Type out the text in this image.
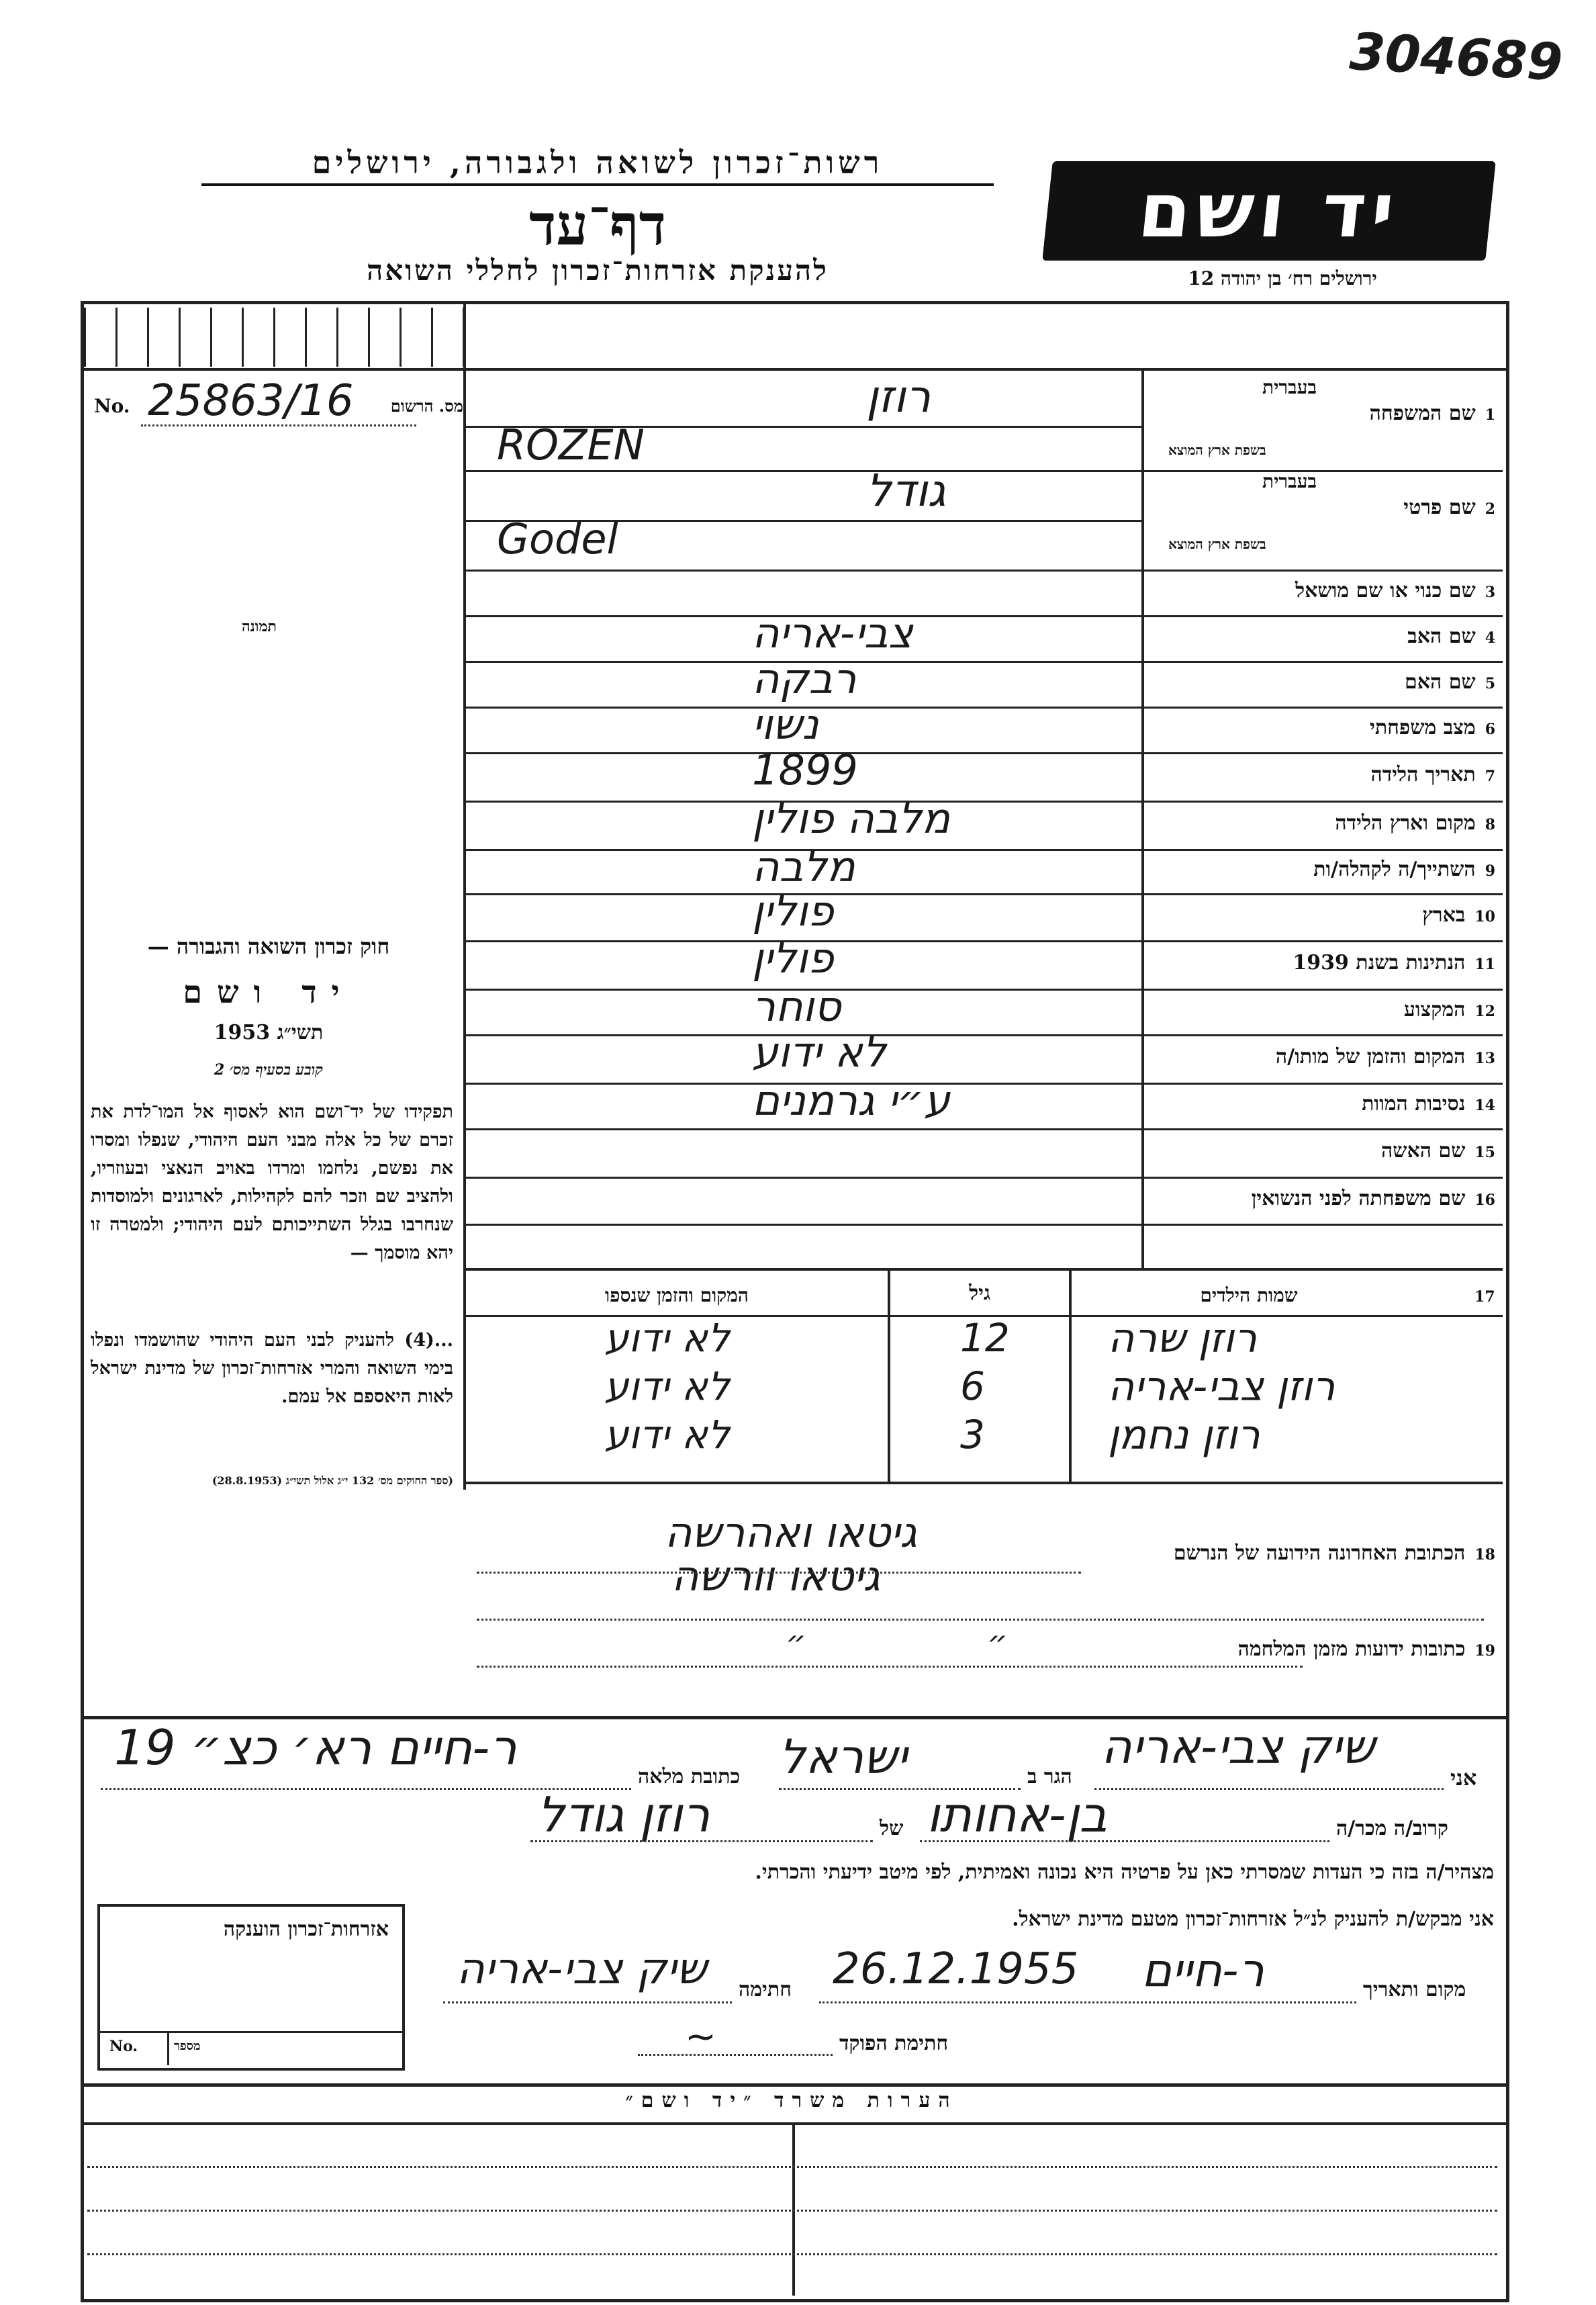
304689
רשות־זכרון לשואה ולגבורה, ירושלים
דף־עד
להענקת אזרחות־זכרון לחללי השואה
יד ושם
ירושלים רח׳ בן יהודה 12
No. 25863/16 מס. הרשום
תמונה
חוק זכרון השואה והגבורה —
יד ושם
תשי״ג 1953
קובע בסעיף מס׳ 2
תפקידו של יד־ושם הוא לאסוף אל המו־לדת את זכרם של כל אלה מבני העם היהודי, שנפלו ומסרו את נפשם, נלחמו ומרדו באויב הנאצי ובעוזריו, ולהציב שם וזכר להם לקהילות, לארגונים ולמוסדות שנחרבו בגלל השתייכותם לעם היהודי; ולמטרה זו יהא מוסמך —
...(4) להעניק לבני העם היהודי שהושמדו ונפלו בימי השואה והמרי אזרחות־זכרון של מדינת ישראל לאות היאספם אל עמם.
(ספר החוקים מס׳ 132 י״ג אלול תשי״ג (28.8.1953)
1שם המשפחה
בעברית
בשפת ארץ המוצא
רוזן
ROZEN
2שם פרטי
בעברית
בשפת ארץ המוצא
גודל
Godel
3שם כנוי או שם מושאל
4שם האב
צבי-אריה
5שם האם
רבקה
6מצב משפחתי
נשוי
7תאריך הלידה
1899
8מקום וארץ הלידה
מלבה פולין
9השתייך/ה לקהלה/ות
מלבה
10בארץ
פולין
11הנתינות בשנת 1939
פולין
12המקצוע
סוחר
13המקום והזמן של מותו/ה
לא ידוע
14נסיבות המוות
ע״י גרמנים
15שם האשה
16שם משפחתה לפני הנשואין
17
שמות הילדים
גיל
המקום והזמן שנספו
רוזן שרה
12
לא ידוע
רוזן צבי-אריה
6
לא ידוע
רוזן נחמן
3
לא ידוע
18הכתובת האחרונה הידועה של הנרשם
גיטאו ואהרשה
גיטאו וורשה
19כתובות ידועות מזמן המלחמה
״	״
אני
שיק צבי-אריה
הגר ב
ישראל
כתובת מלאה
ר-חיים רא׳ כצ״ 19
קרוב/ה מכר/ה
בן-אחותו
של
רוזן גודל
מצהיר/ה בזה כי העדות שמסרתי כאן על פרטיה היא נכונה ואמיתית, לפי מיטב ידיעתי והכרתי.
אני מבקש/ת להעניק לנ״ל אזרחות־זכרון מטעם מדינת ישראל.
מקום ותאריך
ר-חיים
26.12.1955
חתימה
שיק צבי-אריה
חתימת הפוקד
~
אזרחות־זכרון הוענקה
No.	מספר
הערות משרד ״יד ושם״
